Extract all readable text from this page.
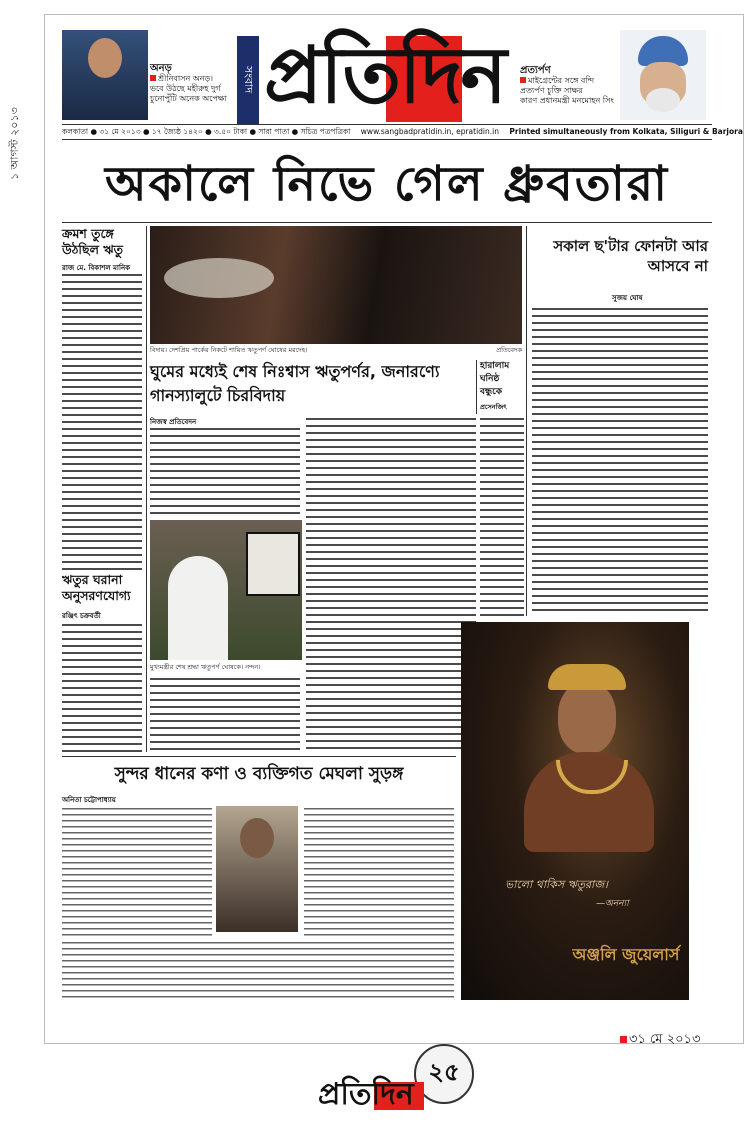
১ আগস্ট ২০১৩
অনড়
শ্রীনিবাসন অনড়।
ভবে উঠছে মহীরুহ দুর্গ
চুনোপুঁটি অনেক অপেক্ষা
সংবাদ প্রতিদিন প্রত্যর্পণ
মাইগ্রেন্টের সঙ্গে বন্দি
প্রত্যর্পণ চুক্তি সাক্ষর
কারণ প্রধানমন্ত্রী মনমোহন সিং
কলকাতা ● ৩১ মে ২০১৩ ● ১৭ জ্যৈষ্ঠ ১৪২০ ● ৩.৫০ টাকা ● সারা পাতা ● সচিত্র পত্রপত্রিকা www.sangbadpratidin.in, epratidin.in Printed simultaneously from Kolkata, Siliguri & Barjora
অকালে নিভে গেল ধ্রুবতারা
ক্রমশ তুঙ্গে উঠছিল ঋতু
রাজ মে. বিকাশল মানিক
ঋতুর ঘরানা অনুসরণযোগ্য
রঞ্জিৎ চক্রবর্তী
বিদায়। দেশপ্রিয় পার্কের নিকটে শায়িত ঋতুপর্ণ ঘোষের মরদেহ।	প্রতিবেদক
সকাল ছ'টার ফোনটা আর আসবে না
সুজয় ঘোষ
ঘুমের মধ্যেই শেষ নিঃশ্বাস ঋতুপর্ণর, জনারণ্যে গানস্যালুটে চিরবিদায়
হারালাম ঘনিষ্ঠ বন্ধুকে
প্রসেনজিৎ
নিজস্ব প্রতিবেদন
মুখ্যমন্ত্রীর শেষ শ্রদ্ধা ঋতুপর্ণ ঘোষকে। নন্দন।
সুন্দর ধানের কণা ও ব্যক্তিগত মেঘলা সুড়ঙ্গ
অনিতা চট্টোপাধ্যায়
ভালো থাকিস ঋতুরাজ।
—অনন্যা
অঞ্জলি জুয়েলার্স
৩১ মে ২০১৩
২৫
প্রতিদিন
